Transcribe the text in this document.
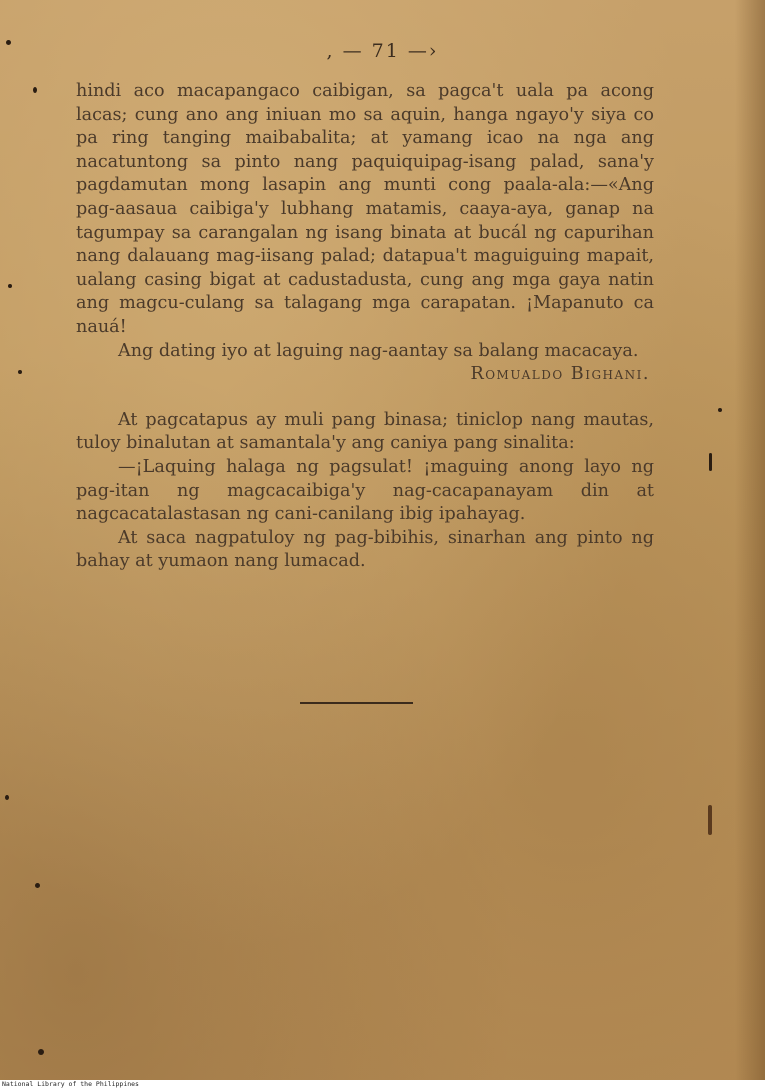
, — 71 —›

hindi aco macapangaco caibigan, sa pagca't uala pa acong lacas; cung ano ang iniuan mo sa aquin, hanga ngayo'y siya co pa ring tanging maibabalita; at yamang icao na nga ang nacatuntong sa pinto nang paquiquipag-isang palad, sana'y pagdamutan mong lasapin ang munti cong paala-ala:—«Ang pag-aasaua caibiga'y lubhang matamis, caaya-aya, ganap na tagumpay sa carangalan ng isang binata at bucál ng capurihan nang dalauang mag-iisang palad; datapua't maguiguing mapait, ualang casing bigat at cadustadusta, cung ang mga gaya natin ang magcu-culang sa talagang mga carapatan. ¡Mapanuto ca nauá!

Ang dating iyo at laguing nag-aantay sa balang macacaya.

Romualdo Bighani.

At pagcatapus ay muli pang binasa; tiniclop nang mautas, tuloy binalutan at samantala'y ang caniya pang sinalita:

—¡Laquing halaga ng pagsulat! ¡maguing anong layo ng pag-itan ng magcacaibiga'y nag-cacapanayam din at nagcacatalastasan ng cani-canilang ibig ipahayag.

At saca nagpatuloy ng pag-bibihis, sinarhan ang pinto ng bahay at yumaon nang lumacad.

National Library of the Philippines
